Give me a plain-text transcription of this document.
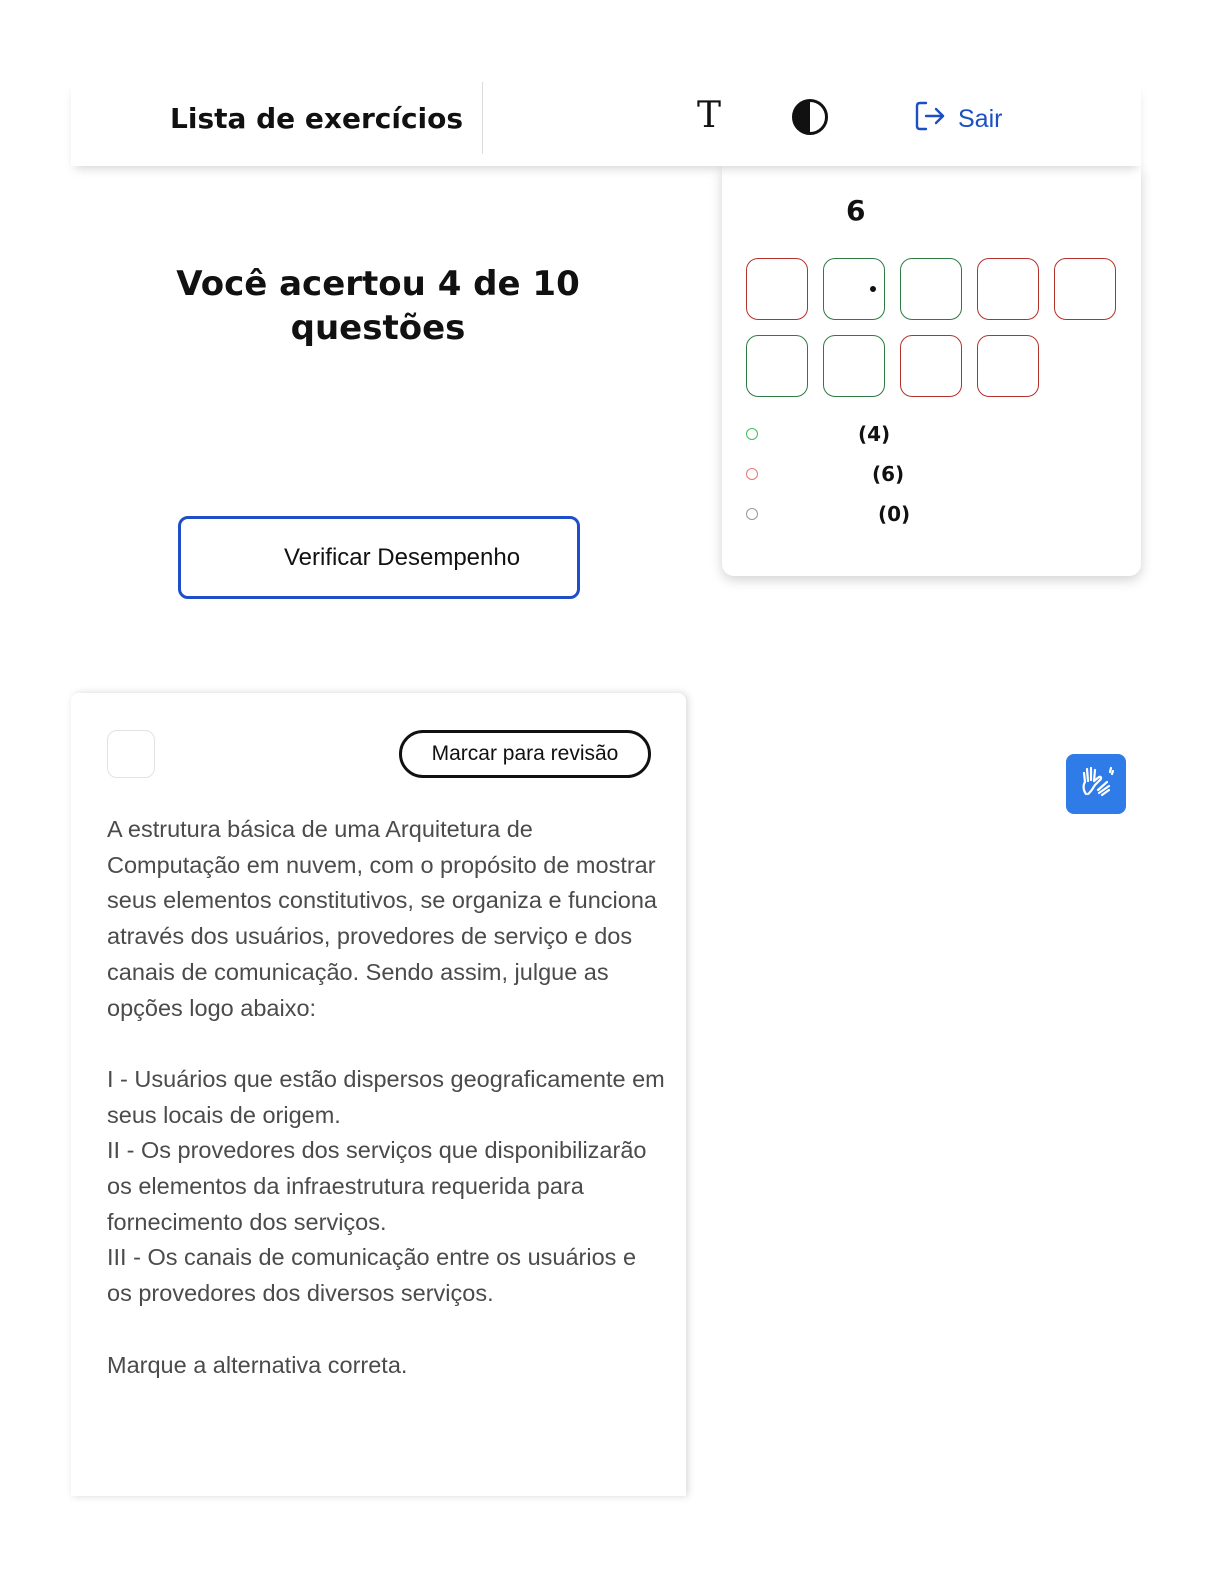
Lista de exercícios	T	Sair
Você acertou 4 de 10 questões
Verificar Desempenho
6
(4)
(6)
(0)
Marcar para revisão

A estrutura básica de uma Arquitetura de Computação em nuvem, com o propósito de mostrar seus elementos constitutivos, se organiza e funciona através dos usuários, provedores de serviço e dos canais de comunicação. Sendo assim, julgue as opções logo abaixo:

I - Usuários que estão dispersos geograficamente em seus locais de origem.

II - Os provedores dos serviços que disponibilizarão os elementos da infraestrutura requerida para fornecimento dos serviços.

III - Os canais de comunicação entre os usuários e os provedores dos diversos serviços.

Marque a alternativa correta.
